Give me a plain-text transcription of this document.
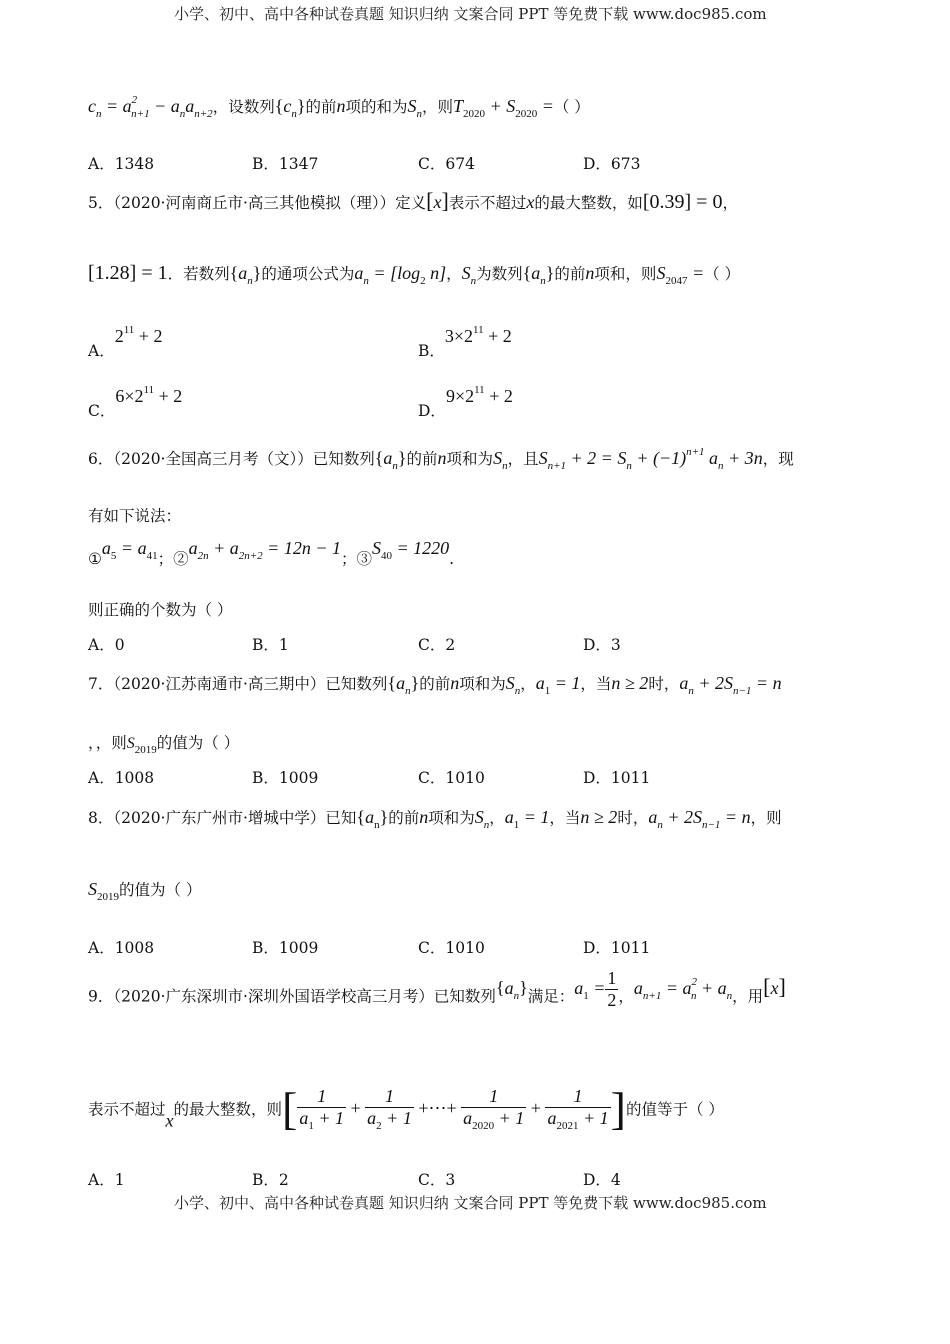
小学、初中、高中各种试卷真题 知识归纳 文案合同 PPT 等免费下载 www.doc985.com
$c_n = a^2_{n+1} - a_na_{n+2}$，设数列$\{c_n\}$的前n项的和为$S_n$，则$T_{2020} + S_{2020}$ =（ ）
A．1348	B．1347	C．674	D．673
5．（2020·河南商丘市·高三其他模拟（理））定义[x]表示不超过x的最大整数，如[0.39] = 0，
[1.28] = 1．若数列$\{a_n\}$的通项公式为$a_n = [\log_2$ n]，$S_n$为数列$\{a_n\}$的前n项和，则$S_{2047}$ =（ ）
A．$2^{11} + 2$
B．$3\times 2^{11} + 2$
C．$6\times 2^{11} + 2$
D．$9\times 2^{11} + 2$
6．（2020·全国高三月考（文））已知数列$\{a_n\}$的前n项和为$S_n$，且$S_{n+1} + 2 = S_n + (-1)^{n+1}$ $a_n + 3n$，现
有如下说法：
$①a_5 = a_{41}$；$②a_{2n} + a_{2n+2} = 12n - 1$；$③S_{40} = 1220$.
则正确的个数为（ ）
A．0	B．1	C．2	D．3
7．（2020·江苏南通市·高三期中）已知数列$\{a_n\}$的前n项和为$S_n$，$a_1 = 1$，当n ≥ 2时，$a_n + 2S_{n-1} = n$
，，则$S_{2019}$的值为（ ）
A．1008	B．1009	C．1010	D．1011
8．（2020·广东广州市·增城中学）已知$\{a_n\}$的前n项和为$S_n$，$a_1 = 1$，当n ≥ 2时，$a_n + 2S_{n-1} = n$，则
$S_{2019}$的值为（ ）
A．1008	B．1009	C．1010	D．1011
9．（2020·广东深圳市·深圳外国语学校高三月考）已知数列$\{a_n\}$满足：$a_1 = \frac{1}{2}$ ，$a_{n+1} = a^2_n + a_n$，用[x]
表示不超过x的最大整数，则[ $\frac{1}{a_1 + 1} + \frac{1}{a_2 + 1}$ +⋯+ $\frac{1}{a_{2020} + 1} + \frac{1}{a_{2021} + 1}$ ]的值等于（ ）
A．1	B．2	C．3	D．4
小学、初中、高中各种试卷真题 知识归纳 文案合同 PPT 等免费下载 www.doc985.com
